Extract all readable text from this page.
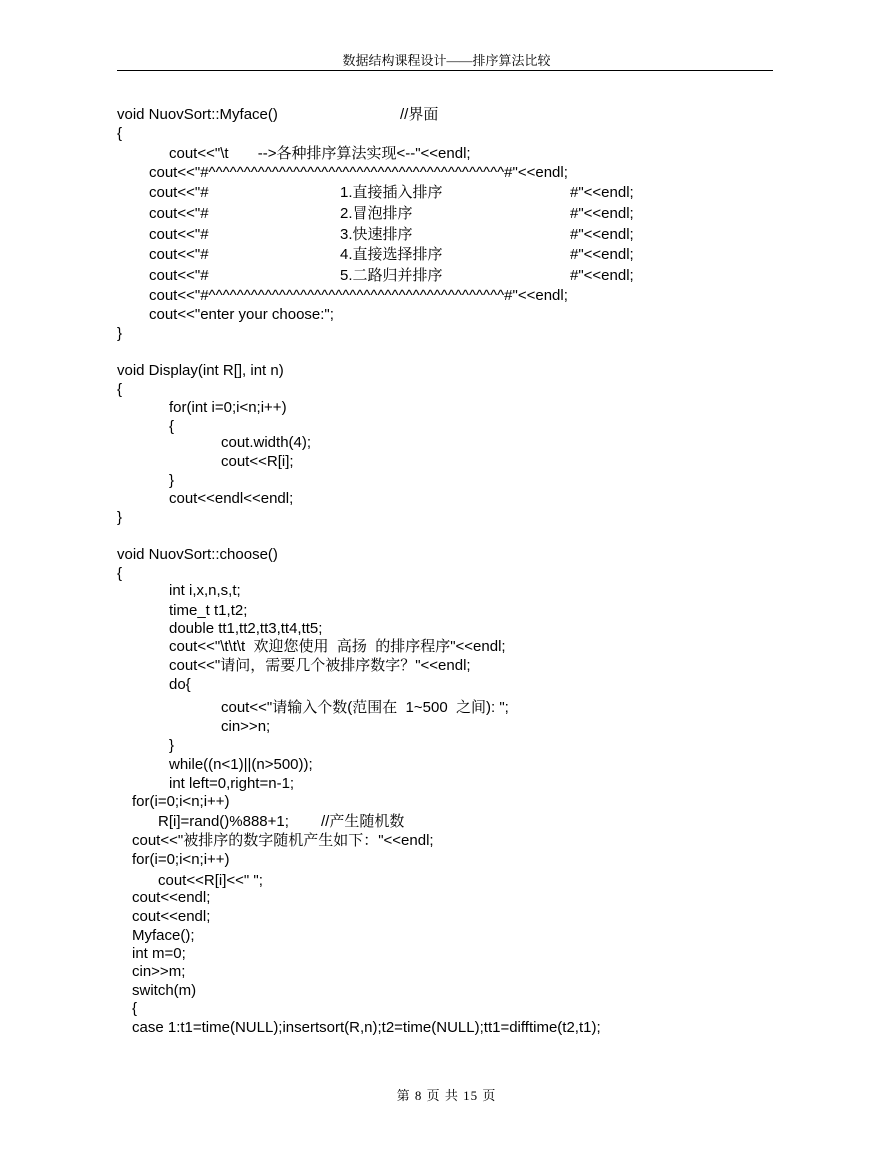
数据结构课程设计——排序算法比较
void NuovSort::Myface()	//界面
{
cout<<"\t       -->各种排序算法实现<--"<<endl;
cout<<"#^^^^^^^^^^^^^^^^^^^^^^^^^^^^^^^^^^^^^^^^^^#"<<endl;
cout<<"#	1.直接插入排序	#"<<endl;
cout<<"#	2.冒泡排序	#"<<endl;
cout<<"#	3.快速排序	#"<<endl;
cout<<"#	4.直接选择排序	#"<<endl;
cout<<"#	5.二路归并排序	#"<<endl;
cout<<"#^^^^^^^^^^^^^^^^^^^^^^^^^^^^^^^^^^^^^^^^^^#"<<endl;
cout<<"enter your choose:";
}
void Display(int R[], int n)
{
for(int i=0;i<n;i++)
{
cout.width(4);
cout<<R[i];
}
cout<<endl<<endl;
}
void NuovSort::choose()
{
int i,x,n,s,t;
time_t t1,t2;
double tt1,tt2,tt3,tt4,tt5;
cout<<"\t\t\t  欢迎您使用  高扬  的排序程序"<<endl;
cout<<"请问，需要几个被排序数字？"<<endl;
do{
cout<<"请输入个数(范围在  1~500  之间): ";
cin>>n;
}
while((n<1)||(n>500));
int left=0,right=n-1;
for(i=0;i<n;i++)
R[i]=rand()%888+1; //产生随机数
cout<<"被排序的数字随机产生如下："<<endl;
for(i=0;i<n;i++)
cout<<R[i]<<" ";
cout<<endl;
cout<<endl;
Myface();
int m=0;
cin>>m;
switch(m)
{
case 1:t1=time(NULL);insertsort(R,n);t2=time(NULL);tt1=difftime(t2,t1);
第 8 页 共 15 页
